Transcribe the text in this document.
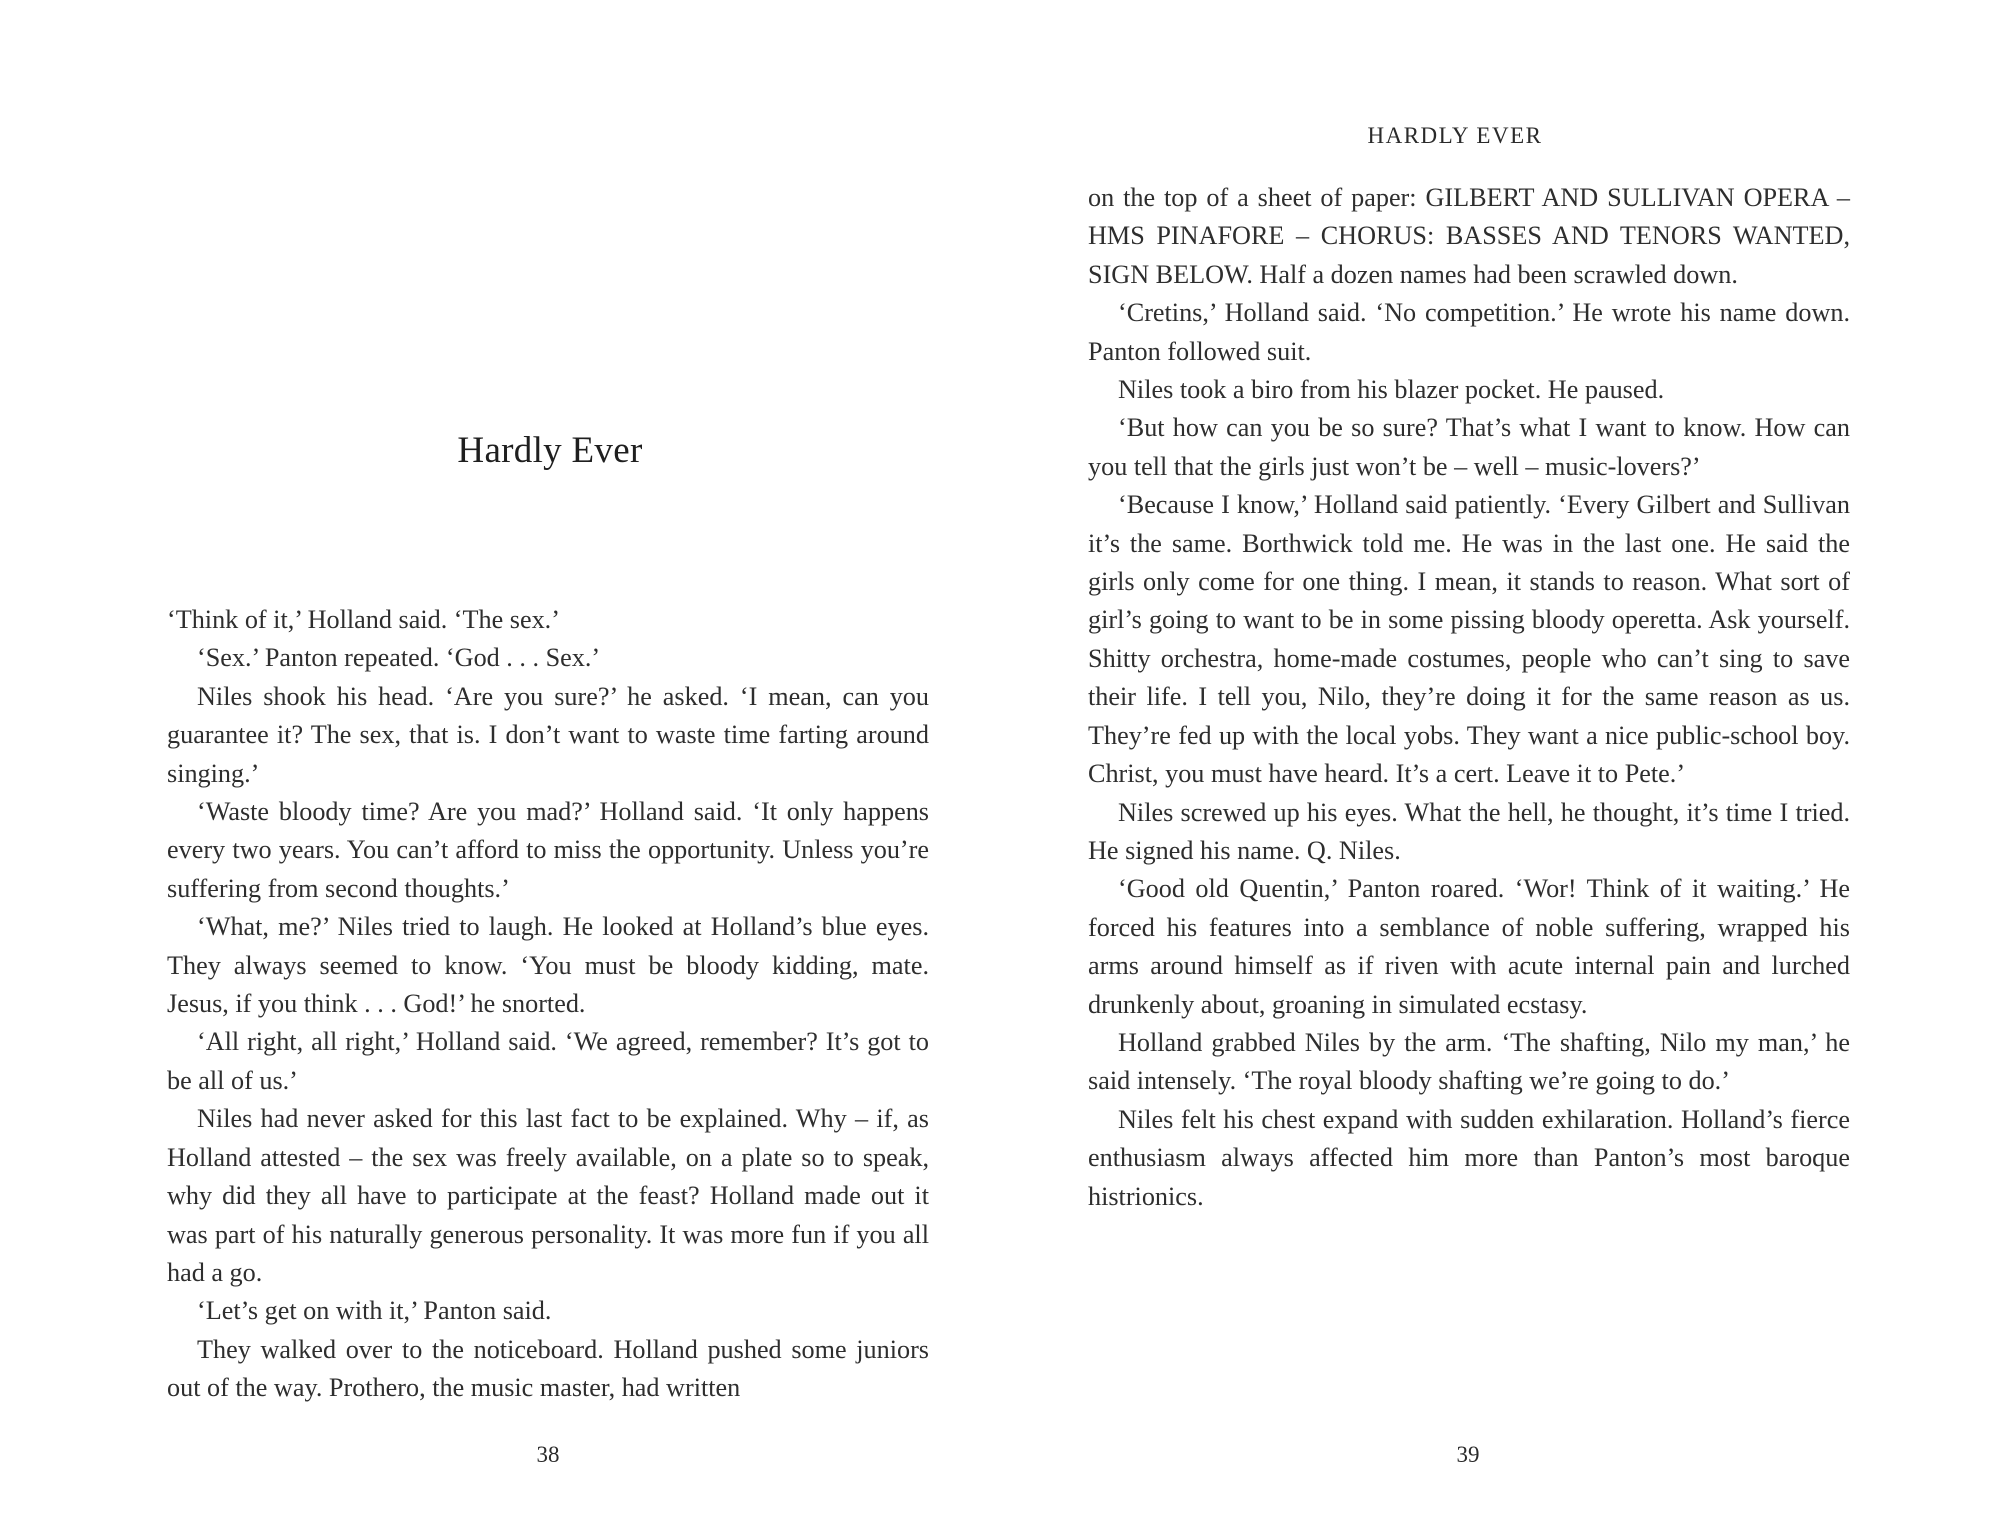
Hardly Ever

‘Think of it,’ Holland said. ‘The sex.’

‘Sex.’ Panton repeated. ‘God . . . Sex.’

Niles shook his head. ‘Are you sure?’ he asked. ‘I mean, can you guarantee it? The sex, that is. I don’t want to waste time farting around singing.’

‘Waste bloody time? Are you mad?’ Holland said. ‘It only happens every two years. You can’t afford to miss the opportunity. Unless you’re suffering from second thoughts.’

‘What, me?’ Niles tried to laugh. He looked at Holland’s blue eyes. They always seemed to know. ‘You must be bloody kidding, mate. Jesus, if you think . . . God!’ he snorted.

‘All right, all right,’ Holland said. ‘We agreed, remember? It’s got to be all of us.’

Niles had never asked for this last fact to be explained. Why – if, as Holland attested – the sex was freely available, on a plate so to speak, why did they all have to participate at the feast? Holland made out it was part of his naturally generous personality. It was more fun if you all had a go.

‘Let’s get on with it,’ Panton said.

They walked over to the noticeboard. Holland pushed some juniors out of the way. Prothero, the music master, had written

38
HARDLY EVER

on the top of a sheet of paper: GILBERT AND SULLIVAN OPERA – HMS PINAFORE – CHORUS: BASSES AND TENORS WANTED, SIGN BELOW. Half a dozen names had been scrawled down.

‘Cretins,’ Holland said. ‘No competition.’ He wrote his name down. Panton followed suit.

Niles took a biro from his blazer pocket. He paused.

‘But how can you be so sure? That’s what I want to know. How can you tell that the girls just won’t be – well – music-lovers?’

‘Because I know,’ Holland said patiently. ‘Every Gilbert and Sullivan it’s the same. Borthwick told me. He was in the last one. He said the girls only come for one thing. I mean, it stands to reason. What sort of girl’s going to want to be in some pissing bloody operetta. Ask yourself. Shitty orchestra, home-made costumes, people who can’t sing to save their life. I tell you, Nilo, they’re doing it for the same reason as us. They’re fed up with the local yobs. They want a nice public-school boy. Christ, you must have heard. It’s a cert. Leave it to Pete.’

Niles screwed up his eyes. What the hell, he thought, it’s time I tried. He signed his name. Q. Niles.

‘Good old Quentin,’ Panton roared. ‘Wor! Think of it waiting.’ He forced his features into a semblance of noble suffering, wrapped his arms around himself as if riven with acute internal pain and lurched drunkenly about, groaning in simulated ecstasy.

Holland grabbed Niles by the arm. ‘The shafting, Nilo my man,’ he said intensely. ‘The royal bloody shafting we’re going to do.’

Niles felt his chest expand with sudden exhilaration. Holland’s fierce enthusiasm always affected him more than Panton’s most baroque histrionics.

39
